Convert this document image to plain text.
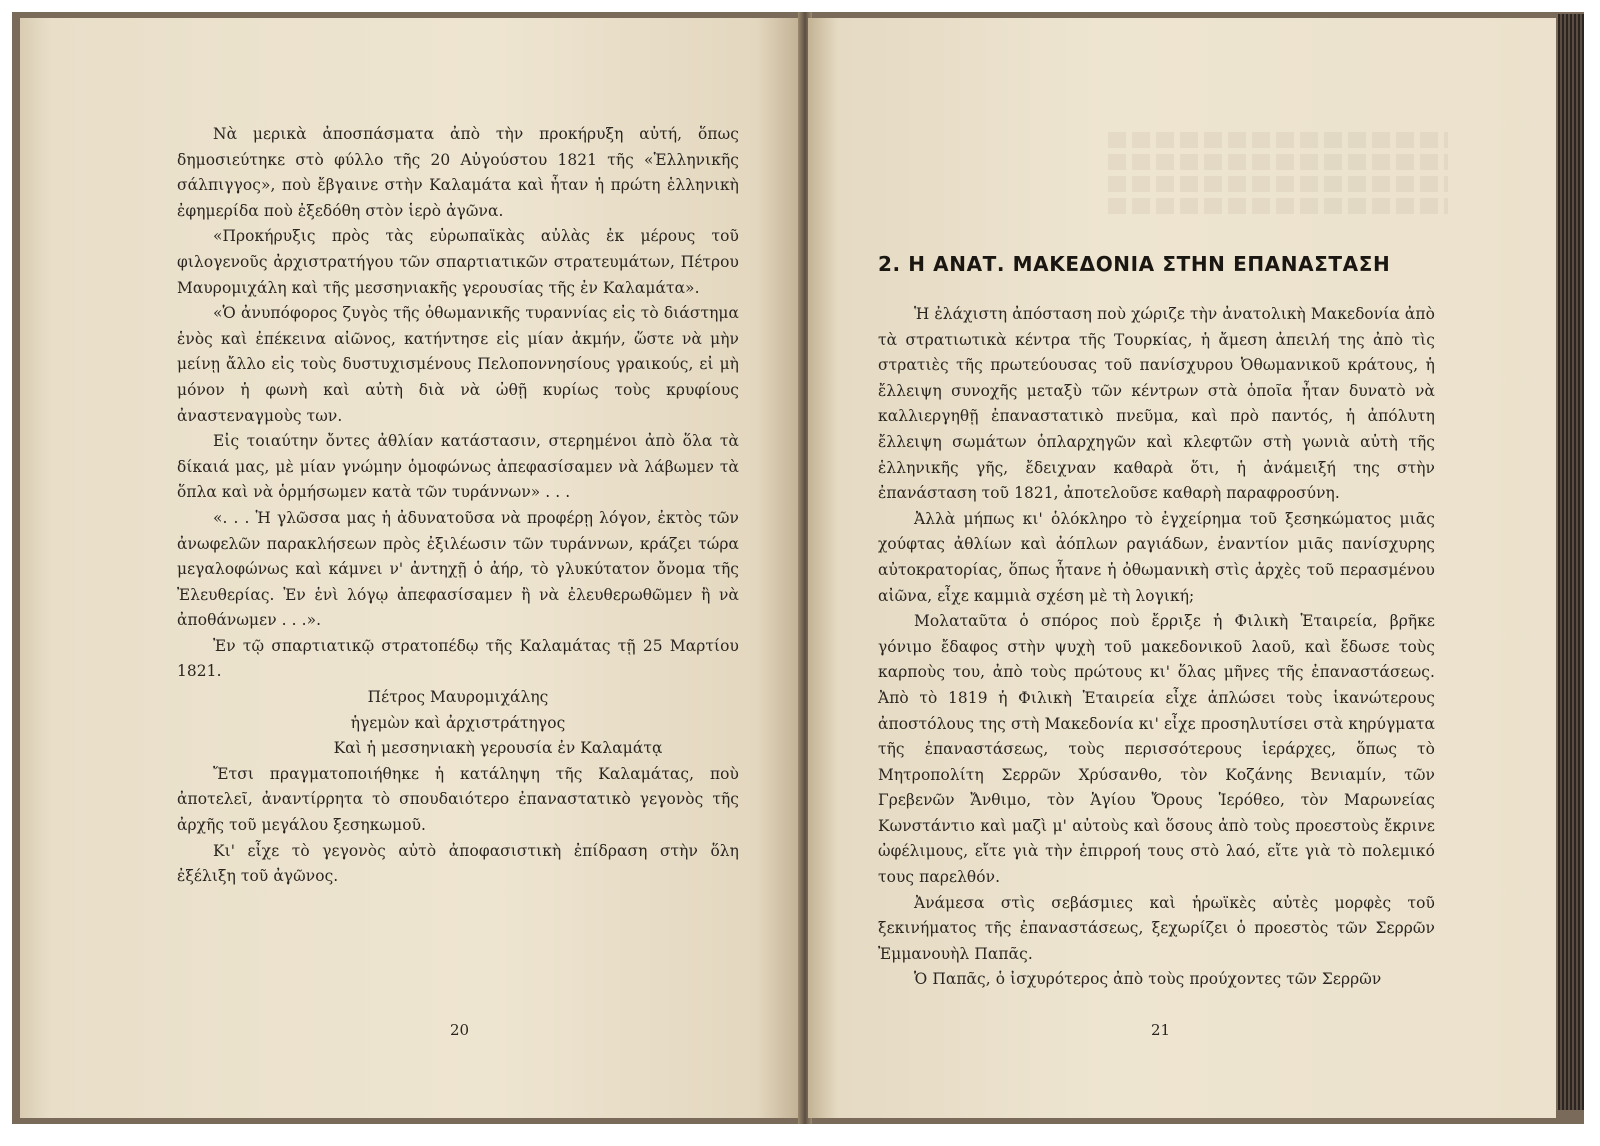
Νὰ μερικὰ ἀποσπάσματα ἀπὸ τὴν προκήρυξη αὐτή, ὅπως δημοσιεύτηκε στὸ φύλλο τῆς 20 Αὐγούστου 1821 τῆς «Ἑλληνικῆς σάλπιγγος», ποὺ ἔβγαινε στὴν Καλαμάτα καὶ ἦταν ἡ πρώτη ἑλληνικὴ ἐφημερίδα ποὺ ἐξεδόθη στὸν ἱερὸ ἀγῶνα.

«Προκήρυξις πρὸς τὰς εὐρωπαϊκὰς αὐλὰς ἐκ μέρους τοῦ φιλογενοῦς ἀρχιστρατήγου τῶν σπαρτιατικῶν στρατευμάτων, Πέτρου Μαυρομιχάλη καὶ τῆς μεσσηνιακῆς γερουσίας τῆς ἐν Καλαμάτα».

«Ὁ ἀνυπόφορος ζυγὸς τῆς ὀθωμανικῆς τυραννίας εἰς τὸ διάστημα ἑνὸς καὶ ἐπέκεινα αἰῶνος, κατήντησε εἰς μίαν ἀκμήν, ὥστε νὰ μὴν μείνῃ ἄλλο εἰς τοὺς δυστυχισμένους Πελοποννησίους γραικούς, εἰ μὴ μόνον ἡ φωνὴ καὶ αὐτὴ διὰ νὰ ὠθῇ κυρίως τοὺς κρυφίους ἀναστεναγμοὺς των.

Εἰς τοιαύτην ὄντες ἀθλίαν κατάστασιν, στερημένοι ἀπὸ ὅλα τὰ δίκαιά μας, μὲ μίαν γνώμην ὁμοφώνως ἀπεφασίσαμεν νὰ λάβωμεν τὰ ὅπλα καὶ νὰ ὁρμήσωμεν κατὰ τῶν τυράννων» . . .

«. . . Ἡ γλῶσσα μας ἡ ἀδυνατοῦσα νὰ προφέρῃ λόγον, ἐκτὸς τῶν ἀνωφελῶν παρακλήσεων πρὸς ἐξιλέωσιν τῶν τυράννων, κράζει τώρα μεγαλοφώνως καὶ κάμνει ν' ἀντηχῇ ὁ ἀήρ, τὸ γλυκύτατον ὄνομα τῆς Ἐλευθερίας. Ἐν ἑνὶ λόγῳ ἀπεφασίσαμεν ἢ νὰ ἐλευθερωθῶμεν ἢ νὰ ἀποθάνωμεν . . .».

Ἐν τῷ σπαρτιατικῷ στρατοπέδῳ τῆς Καλαμάτας τῇ 25 Μαρτίου 1821.

Πέτρος Μαυρομιχάλης

ἡγεμὼν καὶ ἀρχιστράτηγος

Καὶ ἡ μεσσηνιακὴ γερουσία ἐν Καλαμάτᾳ

Ἔτσι πραγματοποιήθηκε ἡ κατάληψη τῆς Καλαμάτας, ποὺ ἀποτελεῖ, ἀναντίρρητα τὸ σπουδαιότερο ἐπαναστατικὸ γεγονὸς τῆς ἀρχῆς τοῦ μεγάλου ξεσηκωμοῦ.

Κι' εἶχε τὸ γεγονὸς αὐτὸ ἀποφασιστικὴ ἐπίδραση στὴν ὅλη ἐξέλιξη τοῦ ἀγῶνος.

20
2. Η ΑΝΑΤ. ΜΑΚΕΔΟΝΙΑ ΣΤΗΝ ΕΠΑΝΑΣΤΑΣΗ

Ἡ ἐλάχιστη ἀπόσταση ποὺ χώριζε τὴν ἀνατολικὴ Μακεδονία ἀπὸ τὰ στρατιωτικὰ κέντρα τῆς Τουρκίας, ἡ ἄμεση ἀπειλή της ἀπὸ τὶς στρατιὲς τῆς πρωτεύουσας τοῦ πανίσχυρου Ὀθωμανικοῦ κράτους, ἡ ἔλλειψη συνοχῆς μεταξὺ τῶν κέντρων στὰ ὁποῖα ἦταν δυνατὸ νὰ καλλιεργηθῇ ἐπαναστατικὸ πνεῦμα, καὶ πρὸ παντός, ἡ ἀπόλυτη ἔλλειψη σωμάτων ὁπλαρχηγῶν καὶ κλεφτῶν στὴ γωνιὰ αὐτὴ τῆς ἑλληνικῆς γῆς, ἔδειχναν καθαρὰ ὅτι, ἡ ἀνάμειξή της στὴν ἐπανάσταση τοῦ 1821, ἀποτελοῦσε καθαρὴ παραφροσύνη.

Ἀλλὰ μήπως κι' ὁλόκληρο τὸ ἐγχείρημα τοῦ ξεσηκώματος μιᾶς χούφτας ἀθλίων καὶ ἀόπλων ραγιάδων, ἐναντίον μιᾶς πανίσχυρης αὐτοκρατορίας, ὅπως ἦτανε ἡ ὀθωμανικὴ στὶς ἀρχὲς τοῦ περασμένου αἰῶνα, εἶχε καμμιὰ σχέση μὲ τὴ λογική;

Μολαταῦτα ὁ σπόρος ποὺ ἔρριξε ἡ Φιλικὴ Ἑταιρεία, βρῆκε γόνιμο ἔδαφος στὴν ψυχὴ τοῦ μακεδονικοῦ λαοῦ, καὶ ἔδωσε τοὺς καρποὺς του, ἀπὸ τοὺς πρώτους κι' ὅλας μῆνες τῆς ἐπαναστάσεως. Ἀπὸ τὸ 1819 ἡ Φιλικὴ Ἑταιρεία εἶχε ἁπλώσει τοὺς ἱκανώτερους ἀποστόλους της στὴ Μακεδονία κι' εἶχε προσηλυτίσει στὰ κηρύγματα τῆς ἐπαναστάσεως, τοὺς περισσότερους ἱεράρχες, ὅπως τὸ Μητροπολίτη Σερρῶν Χρύσανθο, τὸν Κοζάνης Βενιαμίν, τῶν Γρεβενῶν Ἄνθιμο, τὸν Ἁγίου Ὄρους Ἱερόθεο, τὸν Μαρωνείας Κωνστάντιο καὶ μαζὶ μ' αὐτοὺς καὶ ὅσους ἀπὸ τοὺς προεστοὺς ἔκρινε ὠφέλιμους, εἴτε γιὰ τὴν ἐπιρροή τους στὸ λαό, εἴτε γιὰ τὸ πολεμικό τους παρελθόν.

Ἀνάμεσα στὶς σεβάσμιες καὶ ἡρωϊκὲς αὐτὲς μορφὲς τοῦ ξεκινήματος τῆς ἐπαναστάσεως, ξεχωρίζει ὁ προεστὸς τῶν Σερρῶν Ἐμμανουὴλ Παπᾶς.

Ὁ Παπᾶς, ὁ ἰσχυρότερος ἀπὸ τοὺς προύχοντες τῶν Σερρῶν

21
